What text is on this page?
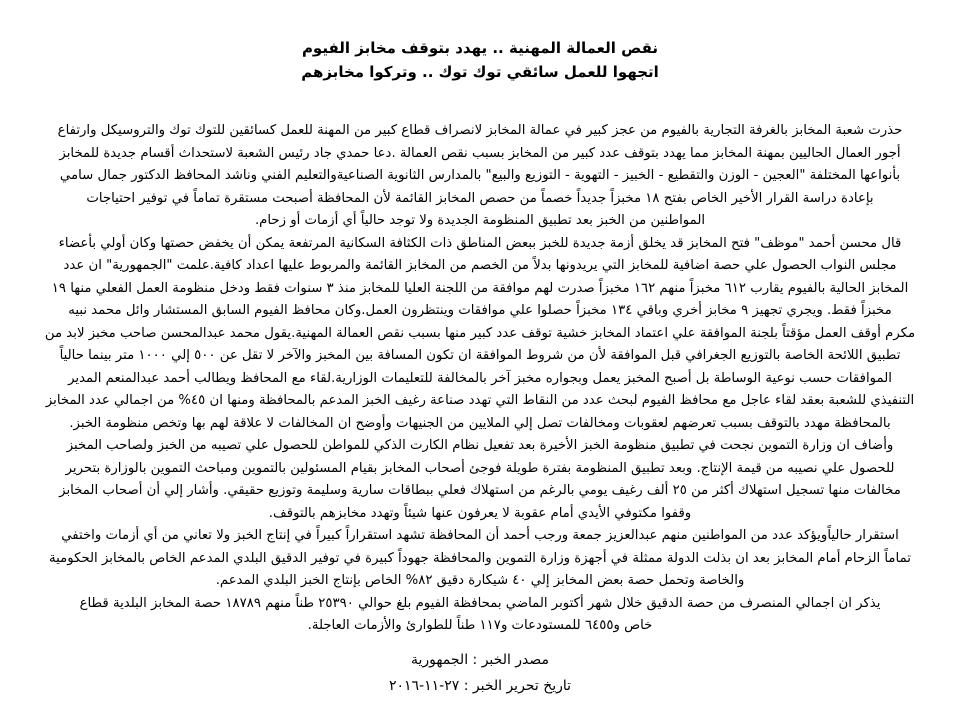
نقص العمالة المهنية .. يهدد بتوقف مخابز الفيوم
اتجهوا للعمل سائقي توك توك .. وتركوا مخابزهم
حذرت شعبة المخابز بالغرفة التجارية بالفيوم من عجز كبير في عمالة المخابز لانصراف قطاع كبير من المهنة للعمل كسائقين للتوك توك والتروسيكل وارتفاع
أجور العمال الحاليين بمهنة المخابز مما يهدد بتوقف عدد كبير من المخابز بسبب نقص العمالة .دعا حمدي جاد رئيس الشعبة لاستحداث أقسام جديدة للمخابز
بأنواعها المختلفة "العجين - الوزن والتقطيع - الخبيز - التهوية - التوزيع والبيع" بالمدارس الثانوية الصناعيةوالتعليم الفني وناشد المحافظ الدكتور جمال سامي
بإعادة دراسة القرار الأخير الخاص بفتح ١٨ مخبزاً جديداً خصماً من حصص المخابز القائمة لأن المحافظة أصبحت مستقرة تماماً في توفير احتياجات
المواطنين من الخبز بعد تطبيق المنظومة الجديدة ولا توجد حالياً أي أزمات أو زحام.
قال محسن أحمد "موظف" فتح المخابز قد يخلق أزمة جديدة للخبز ببعض المناطق ذات الكثافة السكانية المرتفعة يمكن أن يخفض حصتها وكان أولي بأعضاء
مجلس النواب الحصول علي حصة اضافية للمخابز التي يريدونها بدلاً من الخصم من المخابز القائمة والمربوط عليها اعداد كافية.علمت "الجمهورية" ان عدد
المخابز الحالية بالفيوم يقارب ٦١٢ مخبزاً منهم ١٦٢ مخبزاً صدرت لهم موافقة من اللجنة العليا للمخابز منذ ٣ سنوات فقط ودخل منظومة العمل الفعلي منها ١٩
مخبزاً فقط. ويجري تجهيز ٩ مخابز أخري وباقي ١٣٤ مخبزاً حصلوا علي موافقات وينتظرون العمل.وكان محافظ الفيوم السابق المستشار وائل محمد نبيه
مكرم أوقف العمل مؤقتاً بلجنة الموافقة علي اعتماد المخابز خشية توقف عدد كبير منها بسبب نقص العمالة المهنية.يقول محمد عبدالمحسن صاحب مخبز لابد من
تطبيق اللائحة الخاصة بالتوزيع الجغرافي قبل الموافقة لأن من شروط الموافقة ان تكون المسافة بين المخبز والآخر لا تقل عن ٥٠٠ إلي ١٠٠٠ متر بينما حالياً
الموافقات حسب نوعية الوساطة بل أصبح المخبز يعمل وبجواره مخبز آخر بالمخالفة للتعليمات الوزارية.لقاء مع المحافظ ويطالب أحمد عبدالمنعم المدير
التنفيذي للشعبة بعقد لقاء عاجل مع محافظ الفيوم لبحث عدد من النقاط التي تهدد صناعة رغيف الخبز المدعم بالمحافظة ومنها ان ٤٥% من اجمالي عدد المخابز
بالمحافظة مهدد بالتوقف بسبب تعرضهم لعقوبات ومخالفات تصل إلي الملايين من الجنيهات وأوضح ان المخالفات لا علاقة لهم بها وتخص منظومة الخبز.
وأضاف ان وزارة التموين نجحت في تطبيق منظومة الخبز الأخيرة بعد تفعيل نظام الكارت الذكي للمواطن للحصول علي تصيبه من الخبز ولصاحب المخبز
للحصول علي نصيبه من قيمة الإنتاج. وبعد تطبيق المنظومة بفترة طويلة فوجئ أصحاب المخابز بقيام المسئولين بالتموين ومباحث التموين بالوزارة بتحرير
مخالفات منها تسجيل استهلاك أكثر من ٢٥ ألف رغيف يومي بالرغم من استهلاك فعلي ببطاقات سارية وسليمة وتوزيع حقيقي. وأشار إلي أن أصحاب المخابز
وقفوا مكتوفي الأيدي أمام عقوبة لا يعرفون عنها شيئاً وتهدد مخابزهم بالتوقف.
استقرار حالياًويؤكد عدد من المواطنين منهم عبدالعزيز جمعة ورجب أحمد أن المحافظة تشهد استقراراً كبيراً في إنتاج الخبز ولا تعاني من أي أزمات واختفي
تماماً الزحام أمام المخابز بعد ان بذلت الدولة ممثلة في أجهزة وزارة التموين والمحافظة جهوداً كبيرة في توفير الدقيق البلدي المدعم الخاص بالمخابز الحكومية
والخاصة وتحمل حصة بعض المخابز إلي ٤٠ شيكارة دقيق ٨٢% الخاص بإنتاج الخبز البلدي المدعم.
يذكر ان اجمالي المنصرف من حصة الدقيق خلال شهر أكتوبر الماضي بمحافظة الفيوم بلغ حوالي ٢٥٣٩٠ طناً منهم ١٨٧٨٩ حصة المخابز البلدية قطاع
خاص و٦٤٥٥ للمستودعات و١١٧ طناً للطوارئ والأزمات العاجلة.
مصدر الخبر : الجمهورية
تاريخ تحرير الخبر : ٢٧-١١-٢٠١٦
